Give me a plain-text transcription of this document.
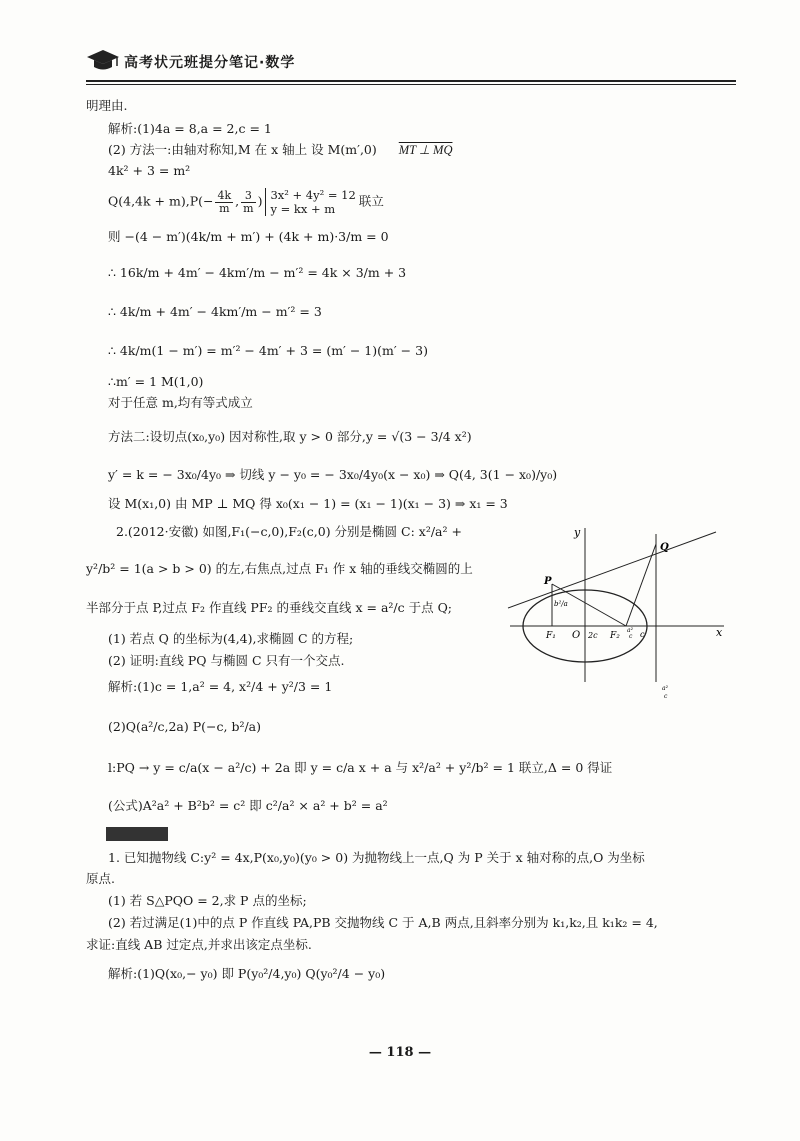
高考状元班提分笔记·数学
明理由.
解析:(1)4a = 8,a = 2,c = 1
(2) 方法一:由轴对称知,M 在 x 轴上 设 M(m′,0) MT ⊥ MQ
4k² + 3 = m²
$Q(4,4k + m),P(- \frac{4k}{m}$ , $\frac{3}{m}$ ) 3x² + 4y² = 12
y = kx + m
联立
则 −(4 − m′)(4k/m + m′) + (4k + m)·3/m = 0
∴ 16k/m + 4m′ − 4km′/m − m′² = 4k × 3/m + 3
∴ 4k/m + 4m′ − 4km′/m − m′² = 3
∴ 4k/m(1 − m′) = m′² − 4m′ + 3 = (m′ − 1)(m′ − 3)
∴m′ = 1 M(1,0)
对于任意 m,均有等式成立
方法二:设切点(x₀,y₀) 因对称性,取 y > 0 部分,y = √(3 − 3/4 x²)
y′ = k = − 3x₀/4y₀ ⇒ 切线 y − y₀ = − 3x₀/4y₀(x − x₀) ⇒ Q(4, 3(1 − x₀)/y₀)
设 M(x₁,0) 由 MP ⊥ MQ 得 x₀(x₁ − 1) = (x₁ − 1)(x₁ − 3) ⇒ x₁ = 3
2.(2012·安徽) 如图,F₁(−c,0),F₂(c,0) 分别是椭圆 C: x²/a² +
y²/b² = 1(a > b > 0) 的左,右焦点,过点 F₁ 作 x 轴的垂线交椭圆的上
半部分于点 P,过点 F₂ 作直线 PF₂ 的垂线交直线 x = a²/c 于点 Q;
(1) 若点 Q 的坐标为(4,4),求椭圆 C 的方程;
(2) 证明:直线 PQ 与椭圆 C 只有一个交点.
解析:(1)c = 1,a² = 4, x²/4 + y²/3 = 1
(2)Q(a²/c,2a) P(−c, b²/a)
l:PQ → y = c/a(x − a²/c) + 2a 即 y = c/a x + a 与 x²/a² + y²/b² = 1 联立,Δ = 0 得证
(公式)A²a² + B²b² = c² 即 c²/a² × a² + b² = a²
1. 已知抛物线 C:y² = 4x,P(x₀,y₀)(y₀ > 0) 为抛物线上一点,Q 为 P 关于 x 轴对称的点,O 为坐标
原点.
(1) 若 S△PQO = 2,求 P 点的坐标;
(2) 若过满足(1)中的点 P 作直线 PA,PB 交抛物线 C 于 A,B 两点,且斜率分别为 k₁,k₂,且 k₁k₂ = 4,
求证:直线 AB 过定点,并求出该定点坐标.
解析:(1)Q(x₀,− y₀) 即 P(y₀²/4,y₀) Q(y₀²/4 − y₀)
y
x
O
P
Q
F₁	F₂
b²/a
2c
a²
c c
a²
c
— 118 —
